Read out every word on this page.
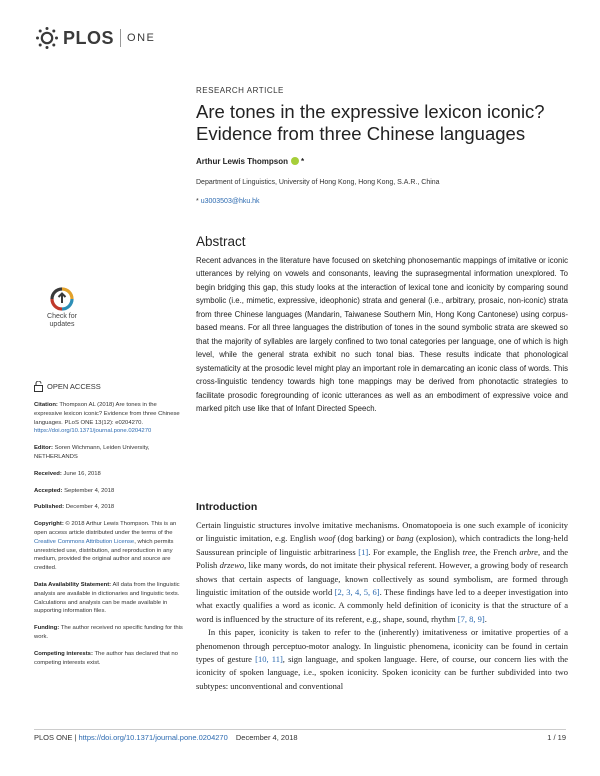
PLOS ONE
RESEARCH ARTICLE
Are tones in the expressive lexicon iconic? Evidence from three Chinese languages
Arthur Lewis Thompson *
Department of Linguistics, University of Hong Kong, Hong Kong, S.A.R., China
* u3003503@hku.hk
Abstract
Recent advances in the literature have focused on sketching phonosemantic mappings of imitative or iconic utterances by relying on vowels and consonants, leaving the suprasegmental information unexplored. To begin bridging this gap, this study looks at the interaction of lexical tone and iconicity by comparing sound symbolic (i.e., mimetic, expressive, ideophonic) strata and general (i.e., arbitrary, prosaic, non-iconic) strata from three Chinese languages (Mandarin, Taiwanese Southern Min, Hong Kong Cantonese) using corpus-based means. For all three languages the distribution of tones in the sound symbolic strata are skewed so that the majority of syllables are largely confined to two tonal categories per language, one of which is high level, while the general strata exhibit no such tonal bias. These results indicate that phonological systematicity at the prosodic level might play an important role in demarcating an iconic class of words. This cross-linguistic tendency towards high tone mappings may be derived from phonotactic strategies to facilitate prosodic foregrounding of iconic utterances as well as an embodiment of expressive voice and marked pitch use like that of Infant Directed Speech.
Check for updates
OPEN ACCESS

Citation: Thompson AL (2018) Are tones in the expressive lexicon iconic? Evidence from three Chinese languages. PLoS ONE 13(12): e0204270. https://doi.org/10.1371/journal.pone.0204270

Editor: Soren Wichmann, Leiden University, NETHERLANDS

Received: June 16, 2018

Accepted: September 4, 2018

Published: December 4, 2018

Copyright: © 2018 Arthur Lewis Thompson. This is an open access article distributed under the terms of the Creative Commons Attribution License, which permits unrestricted use, distribution, and reproduction in any medium, provided the original author and source are credited.

Data Availability Statement: All data from the linguistic analysis are available in dictionaries and linguistic texts. Calculations and analysis can be made available in supporting information files.

Funding: The author received no specific funding for this work.

Competing interests: The author has declared that no competing interests exist.

Introduction

Certain linguistic structures involve imitative mechanisms. Onomatopoeia is one such example of iconicity or linguistic imitation, e.g. English woof (dog barking) or bang (explosion), which contradicts the long-held Saussurean principle of linguistic arbitrariness [1]. For example, the English tree, the French arbre, and the Polish drzewo, like many words, do not imitate their physical referent. However, a growing body of research shows that certain aspects of language, known collectively as sound symbolism, are formed through linguistic imitation of the outside world [2, 3, 4, 5, 6]. These findings have led to a deeper investigation into what exactly qualifies a word as iconic. A commonly held definition of iconicity is that the structure of a word is influenced by the structure of its referent, e.g., shape, sound, rhythm [7, 8, 9].

In this paper, iconicity is taken to refer to the (inherently) imitativeness or imitative properties of a phenomenon through perceptuo-motor analogy. In linguistic phenomena, iconicity can be found in certain types of gesture [10, 11], sign language, and spoken language. Here, of course, our concern lies with the iconicity of spoken language, i.e., spoken iconicity. Spoken iconicity can be further subdivided into two subtypes: unconventional and conventional

PLOS ONE | https://doi.org/10.1371/journal.pone.0204270 December 4, 2018	1 / 19
